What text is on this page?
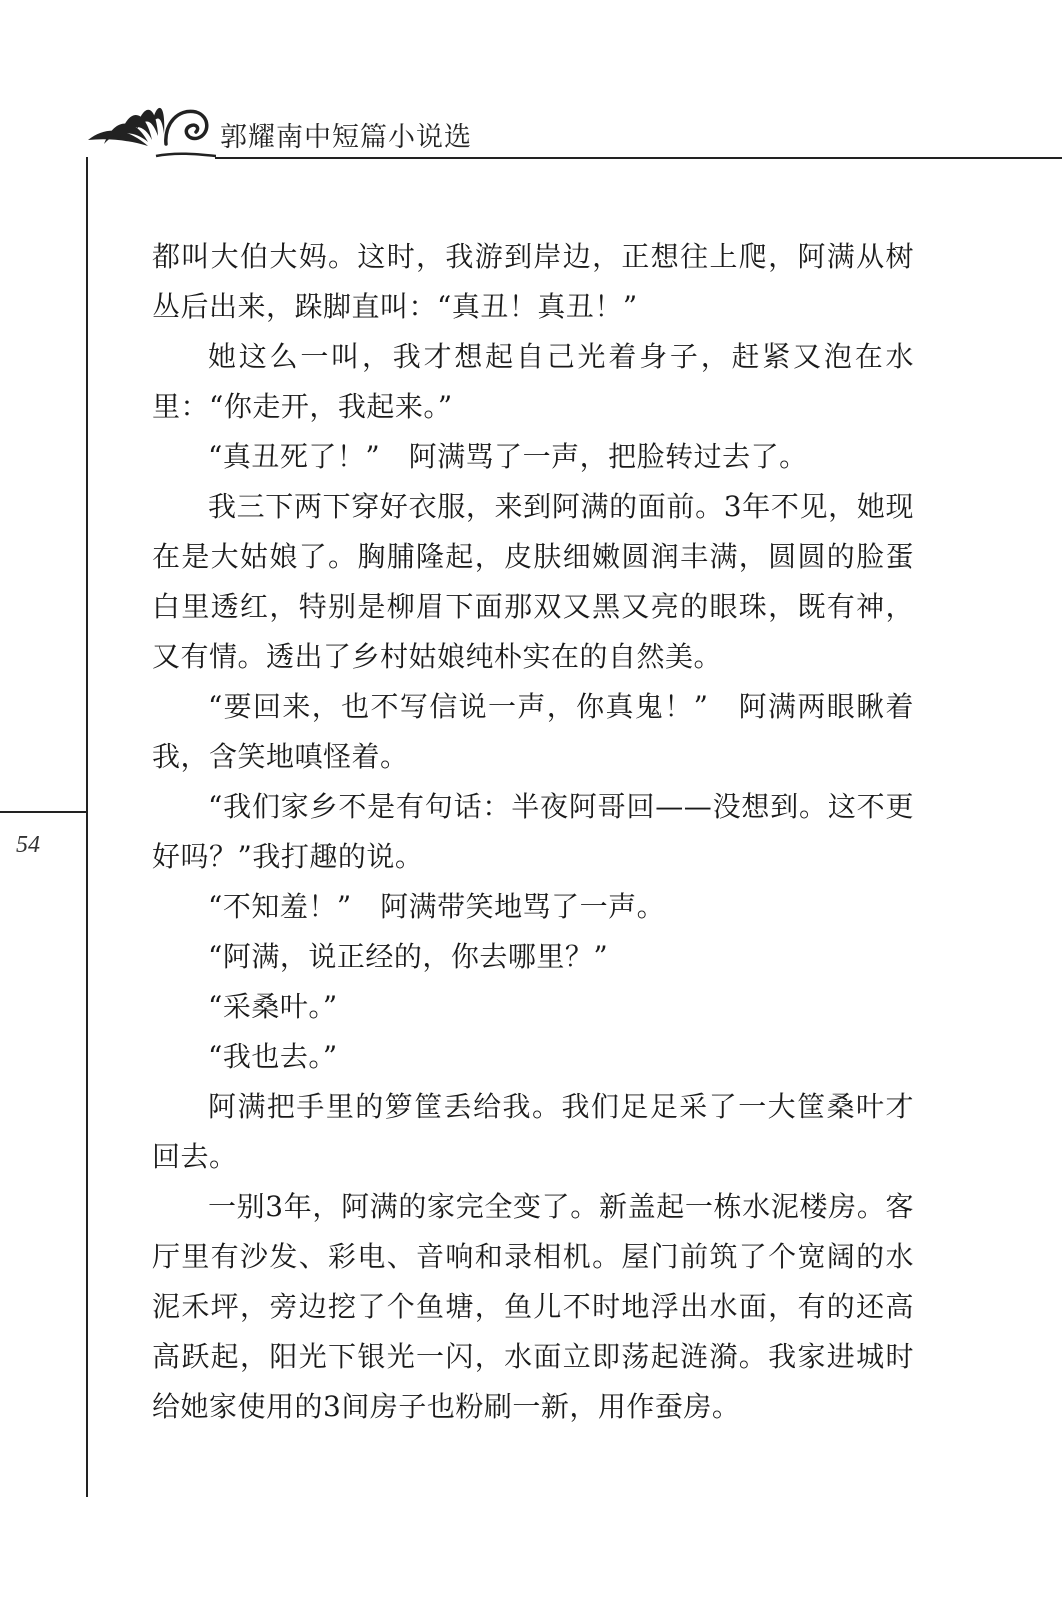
郭耀南中短篇小说选
54

都叫大伯大妈。这时，我游到岸边，正想往上爬，阿满从树丛后出来，跺脚直叫：“真丑！真丑！”

她这么一叫，我才想起自己光着身子，赶紧又泡在水里：“你走开，我起来。”

“真丑死了！”　阿满骂了一声，把脸转过去了。

我三下两下穿好衣服，来到阿满的面前。3年不见，她现在是大姑娘了。胸脯隆起，皮肤细嫩圆润丰满，圆圆的脸蛋白里透红，特别是柳眉下面那双又黑又亮的眼珠，既有神，又有情。透出了乡村姑娘纯朴实在的自然美。

“要回来，也不写信说一声，你真鬼！”　阿满两眼瞅着我，含笑地嗔怪着。

“我们家乡不是有句话：半夜阿哥回——没想到。这不更好吗？”我打趣的说。

“不知羞！”　阿满带笑地骂了一声。

“阿满，说正经的，你去哪里？”

“采桑叶。”

“我也去。”

阿满把手里的箩筐丢给我。我们足足采了一大筐桑叶才回去。

一别3年，阿满的家完全变了。新盖起一栋水泥楼房。客厅里有沙发、彩电、音响和录相机。屋门前筑了个宽阔的水泥禾坪，旁边挖了个鱼塘，鱼儿不时地浮出水面，有的还高高跃起，阳光下银光一闪，水面立即荡起涟漪。我家进城时给她家使用的3间房子也粉刷一新，用作蚕房。
